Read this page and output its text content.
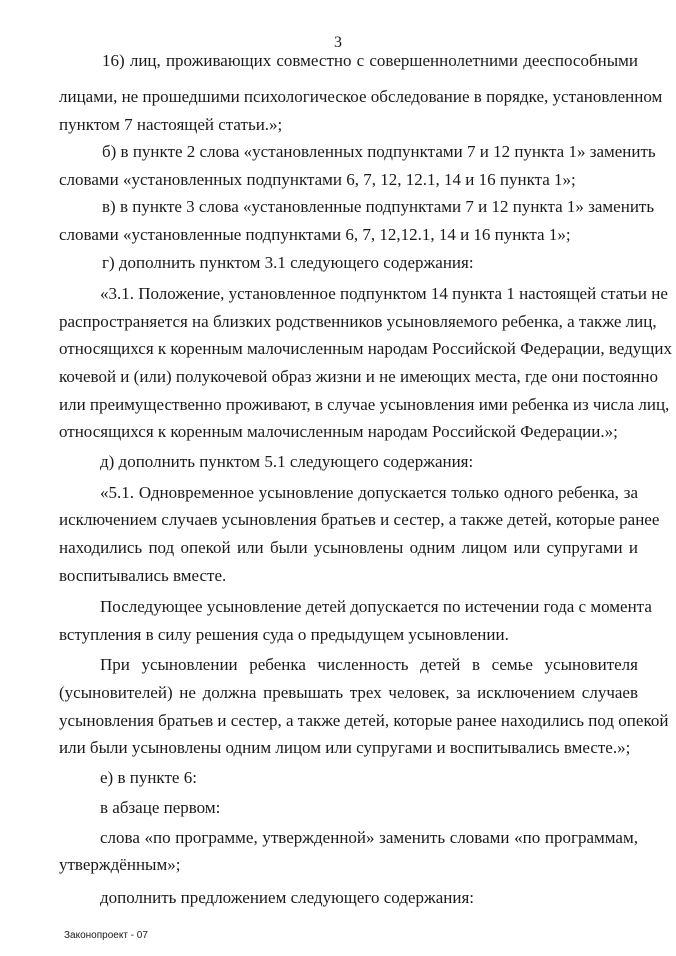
3
16) лиц, проживающих совместно с совершеннолетними дееспособными
лицами, не прошедшими психологическое обследование в порядке, установленном
пунктом 7 настоящей статьи.»;
б) в пункте 2 слова «установленных подпунктами 7 и 12 пункта 1» заменить
словами «установленных подпунктами 6, 7, 12, 12.1, 14 и 16 пункта 1»;
в) в пункте 3 слова «установленные подпунктами 7 и 12 пункта 1» заменить
словами «установленные подпунктами 6, 7, 12,12.1, 14 и 16 пункта 1»;
г) дополнить пунктом 3.1 следующего содержания:
«3.1. Положение, установленное подпунктом 14 пункта 1 настоящей статьи не
распространяется на близких родственников усыновляемого ребенка, а также лиц,
относящихся к коренным малочисленным народам Российской Федерации, ведущих
кочевой и (или) полукочевой образ жизни и не имеющих места, где они постоянно
или преимущественно проживают, в случае усыновления ими ребенка из числа лиц,
относящихся к коренным малочисленным народам Российской Федерации.»;
д) дополнить пунктом 5.1 следующего содержания:
«5.1. Одновременное усыновление допускается только одного ребенка, за
исключением случаев усыновления братьев и сестер, а также детей, которые ранее
находились под опекой или были усыновлены одним лицом или супругами и
воспитывались вместе.
Последующее усыновление детей допускается по истечении года с момента
вступления в силу решения суда о предыдущем усыновлении.
При усыновлении ребенка численность детей в семье усыновителя
(усыновителей) не должна превышать трех человек, за исключением случаев
усыновления братьев и сестер, а также детей, которые ранее находились под опекой
или были усыновлены одним лицом или супругами и воспитывались вместе.»;
е) в пункте 6:
в абзаце первом:
слова «по программе, утвержденной» заменить словами «по программам,
утверждённым»;
дополнить предложением следующего содержания:
Законопроект - 07
